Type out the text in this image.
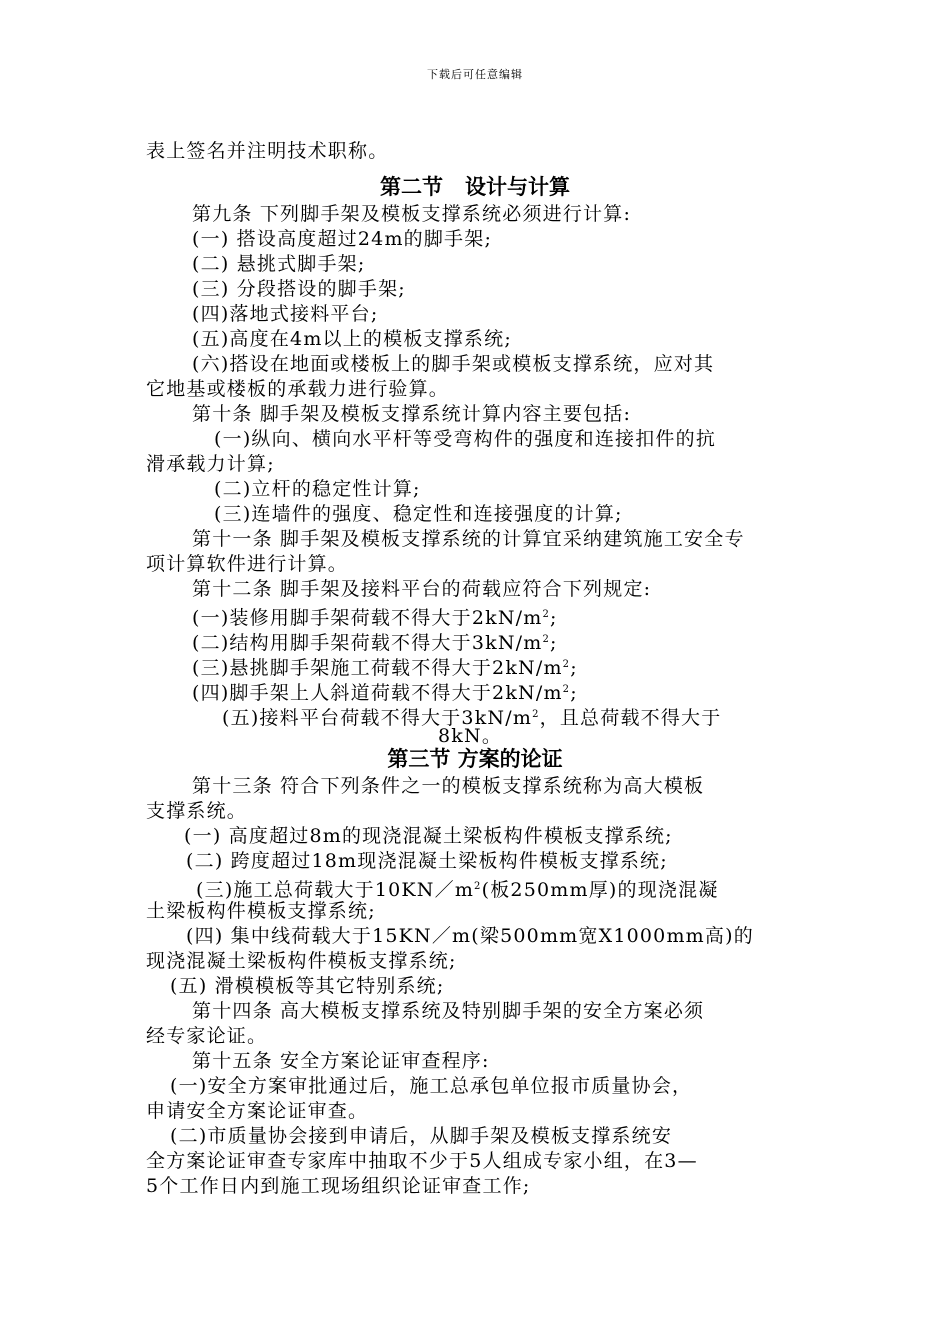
下载后可任意编辑
表上签名并注明技术职称。
第二节   设计与计算
第九条 下列脚手架及模板支撑系统必须进行计算:
(一) 搭设高度超过24m的脚手架;
(二) 悬挑式脚手架;
(三) 分段搭设的脚手架;
(四)落地式接料平台;
(五)高度在4m以上的模板支撑系统;
(六)搭设在地面或楼板上的脚手架或模板支撑系统，应对其
它地基或楼板的承载力进行验算。
第十条 脚手架及模板支撑系统计算内容主要包括:
(一)纵向、横向水平杆等受弯构件的强度和连接扣件的抗
滑承载力计算;
(二)立杆的稳定性计算;
(三)连墙件的强度、稳定性和连接强度的计算;
第十一条 脚手架及模板支撑系统的计算宜采纳建筑施工安全专
项计算软件进行计算。
第十二条 脚手架及接料平台的荷载应符合下列规定:
(一)装修用脚手架荷载不得大于$2kN/m^2$;
(二)结构用脚手架荷载不得大于$3kN/m^2$;
(三)悬挑脚手架施工荷载不得大于$2kN/m^2$;
(四)脚手架上人斜道荷载不得大于$2kN/m^2$;
(五)接料平台荷载不得大于$3kN/m^2$，且总荷载不得大于
8kN。
第三节 方案的论证
第十三条 符合下列条件之一的模板支撑系统称为高大模板
支撑系统。
(一) 高度超过8m的现浇混凝土梁板构件模板支撑系统;
(二) 跨度超过18m现浇混凝土梁板构件模板支撑系统;
(三)施工总荷载大于$10KN/m^2$(板250mm厚)的现浇混凝
土梁板构件模板支撑系统;
(四) 集中线荷载大于15KN／m(梁500mm宽X1000mm高)的
现浇混凝土梁板构件模板支撑系统;
(五) 滑模模板等其它特别系统;
第十四条 高大模板支撑系统及特别脚手架的安全方案必须
经专家论证。
第十五条 安全方案论证审查程序:
(一)安全方案审批通过后，施工总承包单位报市质量协会，
申请安全方案论证审查。
(二)市质量协会接到申请后，从脚手架及模板支撑系统安
全方案论证审查专家库中抽取不少于5人组成专家小组，在3—
5个工作日内到施工现场组织论证审查工作;
